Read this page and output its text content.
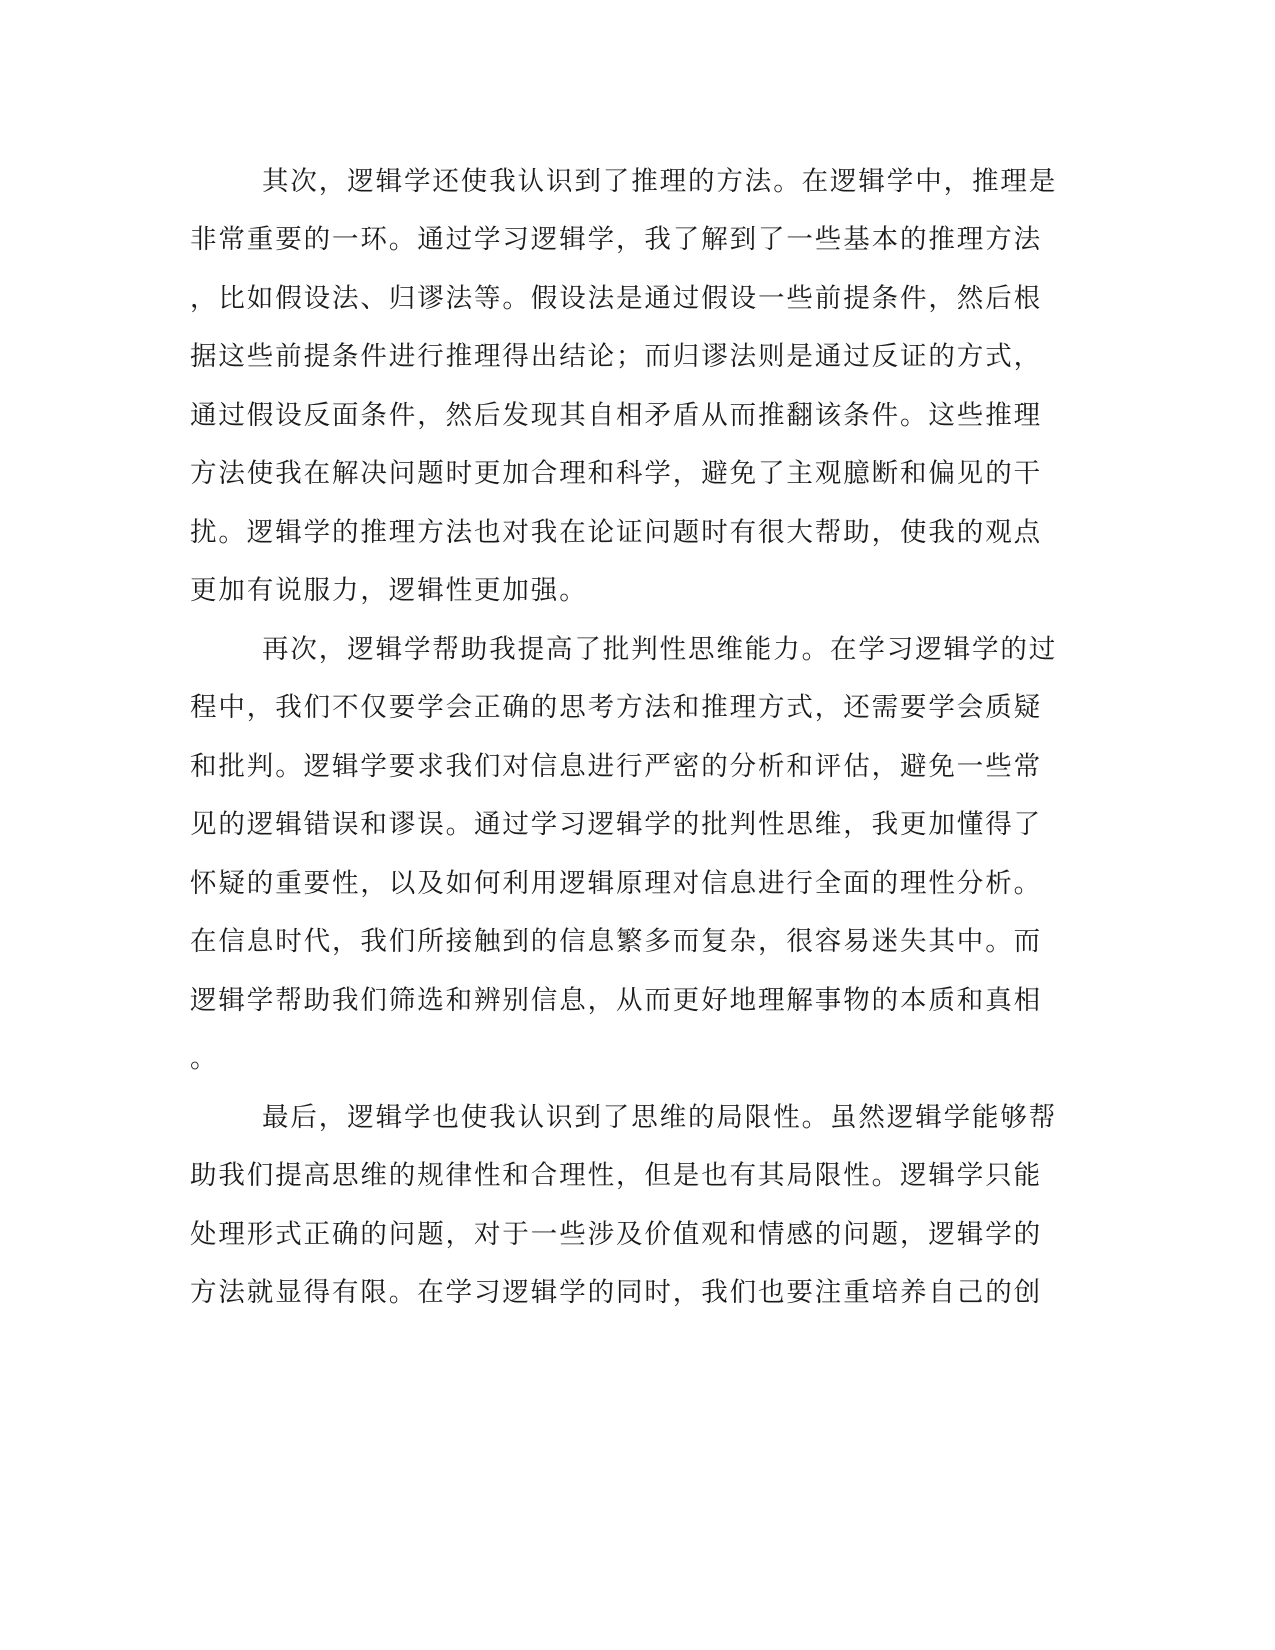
其次，逻辑学还使我认识到了推理的方法。在逻辑学中，推理是
非常重要的一环。通过学习逻辑学，我了解到了一些基本的推理方法
，比如假设法、归谬法等。假设法是通过假设一些前提条件，然后根
据这些前提条件进行推理得出结论；而归谬法则是通过反证的方式，
通过假设反面条件，然后发现其自相矛盾从而推翻该条件。这些推理
方法使我在解决问题时更加合理和科学，避免了主观臆断和偏见的干
扰。逻辑学的推理方法也对我在论证问题时有很大帮助，使我的观点
更加有说服力，逻辑性更加强。
再次，逻辑学帮助我提高了批判性思维能力。在学习逻辑学的过
程中，我们不仅要学会正确的思考方法和推理方式，还需要学会质疑
和批判。逻辑学要求我们对信息进行严密的分析和评估，避免一些常
见的逻辑错误和谬误。通过学习逻辑学的批判性思维，我更加懂得了
怀疑的重要性，以及如何利用逻辑原理对信息进行全面的理性分析。
在信息时代，我们所接触到的信息繁多而复杂，很容易迷失其中。而
逻辑学帮助我们筛选和辨别信息，从而更好地理解事物的本质和真相
。
最后，逻辑学也使我认识到了思维的局限性。虽然逻辑学能够帮
助我们提高思维的规律性和合理性，但是也有其局限性。逻辑学只能
处理形式正确的问题，对于一些涉及价值观和情感的问题，逻辑学的
方法就显得有限。在学习逻辑学的同时，我们也要注重培养自己的创
